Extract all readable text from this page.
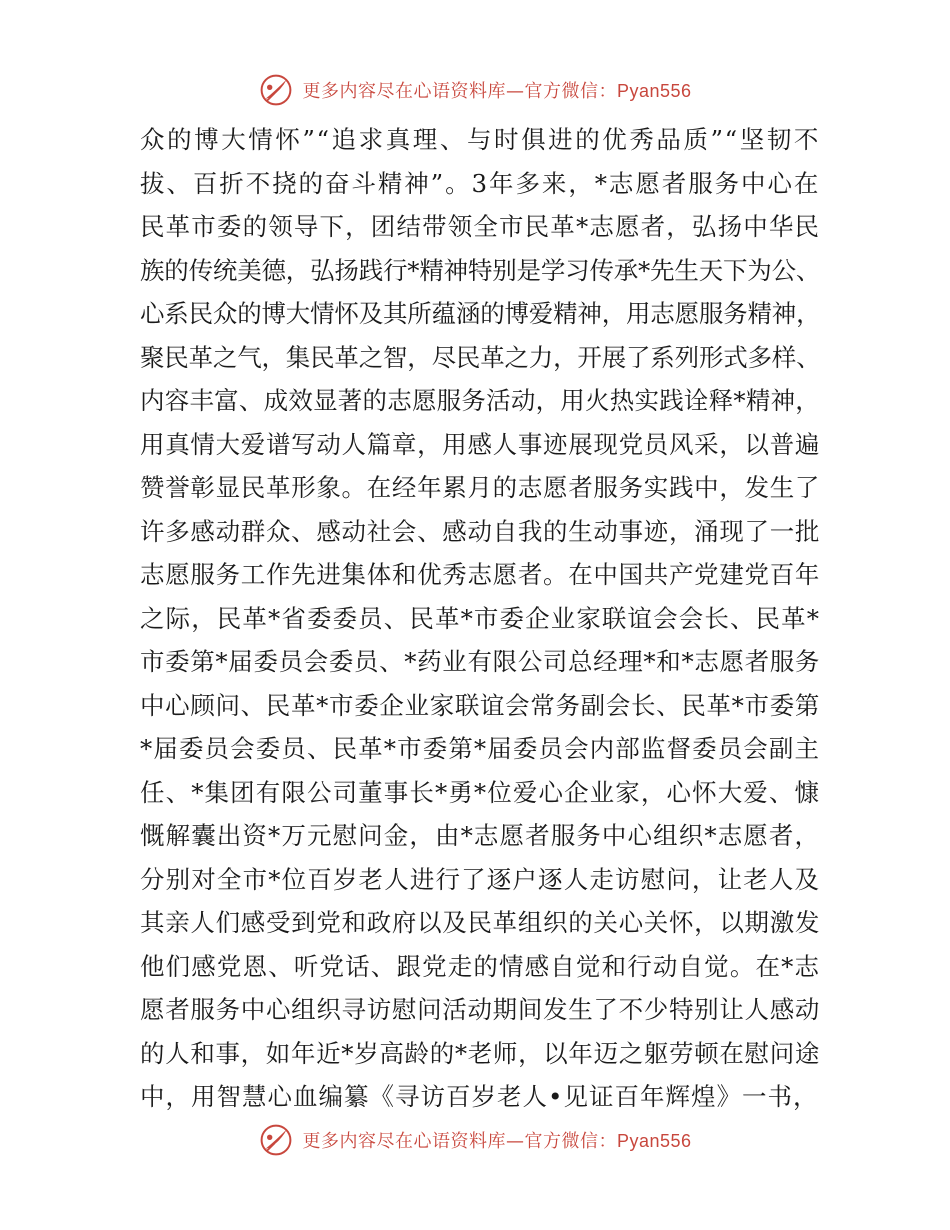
更多内容尽在心语资料库—官方微信：Pyan556
众的博大情怀”“追求真理、与时俱进的优秀品质”“坚韧不
拔、百折不挠的奋斗精神”。3年多来，*志愿者服务中心在
民革市委的领导下，团结带领全市民革*志愿者，弘扬中华民
族的传统美德，弘扬践行*精神特别是学习传承*先生天下为公、
心系民众的博大情怀及其所蕴涵的博爱精神，用志愿服务精神，
聚民革之气，集民革之智，尽民革之力，开展了系列形式多样、
内容丰富、成效显著的志愿服务活动，用火热实践诠释*精神，
用真情大爱谱写动人篇章，用感人事迹展现党员风采，以普遍
赞誉彰显民革形象。在经年累月的志愿者服务实践中，发生了
许多感动群众、感动社会、感动自我的生动事迹，涌现了一批
志愿服务工作先进集体和优秀志愿者。在中国共产党建党百年
之际，民革*省委委员、民革*市委企业家联谊会会长、民革*
市委第*届委员会委员、*药业有限公司总经理*和*志愿者服务
中心顾问、民革*市委企业家联谊会常务副会长、民革*市委第
*届委员会委员、民革*市委第*届委员会内部监督委员会副主
任、*集团有限公司董事长*勇*位爱心企业家，心怀大爱、慷
慨解囊出资*万元慰问金，由*志愿者服务中心组织*志愿者，
分别对全市*位百岁老人进行了逐户逐人走访慰问，让老人及
其亲人们感受到党和政府以及民革组织的关心关怀，以期激发
他们感党恩、听党话、跟党走的情感自觉和行动自觉。在*志
愿者服务中心组织寻访慰问活动期间发生了不少特别让人感动
的人和事，如年近*岁高龄的*老师，以年迈之躯劳顿在慰问途
中，用智慧心血编纂《寻访百岁老人•见证百年辉煌》一书，
更多内容尽在心语资料库—官方微信：Pyan556
